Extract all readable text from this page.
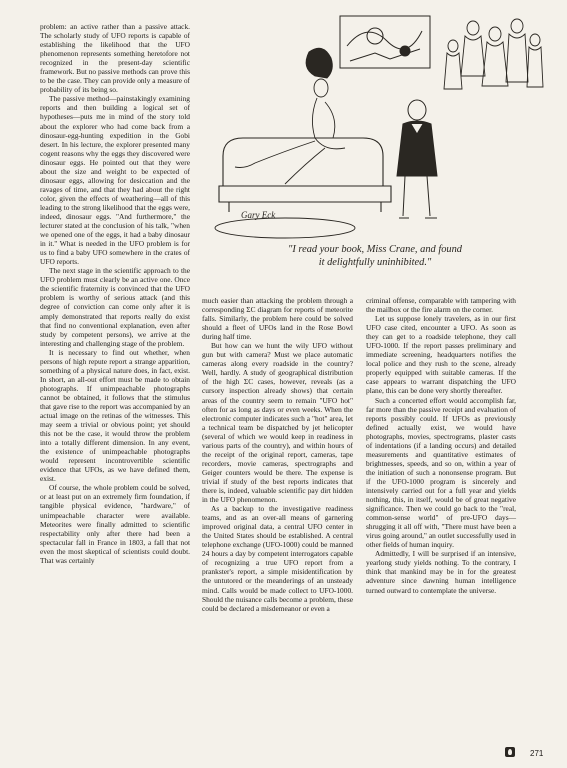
problem: an active rather than a passive attack. The scholarly study of UFO reports is capable of establishing the likelihood that the UFO phenomenon represents something heretofore not recognized in the present-day scientific framework. But no passive methods can prove this to be the case. They can provide only a measure of probability of its being so.

The passive method—painstakingly examining reports and then building a logical set of hypotheses—puts me in mind of the story told about the explorer who had come back from a dinosaur-egg-hunting expedition in the Gobi desert. In his lecture, the explorer presented many cogent reasons why the eggs they discovered were dinosaur eggs. He pointed out that they were about the size and weight to be expected of dinosaur eggs, allowing for desiccation and the ravages of time, and that they had about the right color, given the effects of weathering—all of this leading to the strong likelihood that the eggs were, indeed, dinosaur eggs. "And furthermore," the lecturer stated at the conclusion of his talk, "when we opened one of the eggs, it had a baby dinosaur in it." What is needed in the UFO problem is for us to find a baby UFO somewhere in the crates of UFO reports.

The next stage in the scientific approach to the UFO problem must clearly be an active one. Once the scientific fraternity is convinced that the UFO problem is worthy of serious attack (and this degree of conviction can come only after it is amply demonstrated that reports really do exist that find no conventional explanation, even after study by competent persons), we arrive at the interesting and challenging stage of the problem.

It is necessary to find out whether, when persons of high repute report a strange apparition, something of a physical nature does, in fact, exist. In short, an all-out effort must be made to obtain photographs. If unimpeachable photographs cannot be obtained, it follows that the stimulus that gave rise to the report was accompanied by an actual image on the retinas of the witnesses. This may seem a trivial or obvious point; yet should this not be the case, it would throw the problem into a totally different dimension. In any event, the existence of unimpeachable photographs would represent incontrovertible scientific evidence that UFOs, as we have defined them, exist.

Of course, the whole problem could be solved, or at least put on an extremely firm foundation, if tangible physical evidence, "hardware," of unimpeachable character were available. Meteorites were finally admitted to scientific respectability only after there had been a spectacular fall in France in 1803, a fall that not even the most skeptical of scientists could doubt. That was certainly

much easier than attacking the problem through a corresponding ΣC diagram for reports of meteorite falls. Similarly, the problem here could be solved should a fleet of UFOs land in the Rose Bowl during half time.

But how can we hunt the wily UFO without gun but with camera? Must we place automatic cameras along every roadside in the country? Well, hardly. A study of geographical distribution of the high ΣC cases, however, reveals (as a cursory inspection already shows) that certain areas of the country seem to remain "UFO hot" often for as long as days or even weeks. When the electronic computer indicates such a "hot" area, let a technical team be dispatched by jet helicopter (several of which we would keep in readiness in various parts of the country), and within hours of the receipt of the original report, cameras, tape recorders, movie cameras, spectrographs and Geiger counters would be there. The expense is trivial if study of the best reports indicates that there is, indeed, valuable scientific pay dirt hidden in the UFO phenomenon.

As a backup to the investigative readiness teams, and as an over-all means of garnering improved original data, a central UFO center in the United States should be established. A central telephone exchange (UFO-1000) could be manned 24 hours a day by competent interrogators capable of recognizing a true UFO report from a prankster's report, a simple misidentification by the untutored or the meanderings of an unsteady mind. Calls would be made collect to UFO-1000. Should the nuisance calls become a problem, these could be declared a misdemeanor or even a

criminal offense, comparable with tampering with the mailbox or the fire alarm on the corner.

Let us suppose lonely travelers, as in our first UFO case cited, encounter a UFO. As soon as they can get to a roadside telephone, they call UFO-1000. If the report passes preliminary and immediate screening, headquarters notifies the local police and they rush to the scene, already properly equipped with suitable cameras. If the case appears to warrant dispatching the UFO plane, this can be done very shortly thereafter.

Such a concerted effort would accomplish far, far more than the passive receipt and evaluation of reports possibly could. If UFOs as previously defined actually exist, we would have photographs, movies, spectrograms, plaster casts of indentations (if a landing occurs) and detailed measurements and quantitative estimates of brightnesses, speeds, and so on, within a year of the initiation of such a nononsense program. But if the UFO-1000 program is sincerely and intensively carried out for a full year and yields nothing, this, in itself, would be of great negative significance. Then we could go back to the "real, common-sense world" of pre-UFO days—shrugging it all off with, "There must have been a virus going around," an outlet successfully used in other fields of human inquiry.

Admittedly, I will be surprised if an intensive, yearlong study yields nothing. To the contrary, I think that mankind may be in for the greatest adventure since dawning human intelligence turned outward to contemplate the universe.

Gary Eck
"I read your book, Miss Crane, and found
it delightfully uninhibited."
271
